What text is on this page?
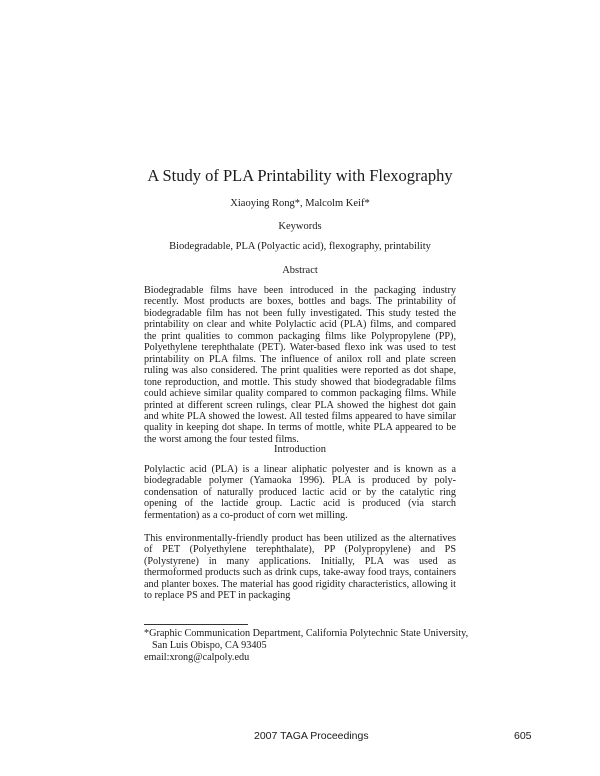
A Study of PLA Printability with Flexography
Xiaoying Rong*, Malcolm Keif*
Keywords
Biodegradable, PLA (Polyactic acid), flexography, printability
Abstract

Biodegradable films have been introduced in the packaging industry recently. Most products are boxes, bottles and bags. The printability of biodegradable film has not been fully investigated. This study tested the printability on clear and white Polylactic acid (PLA) films, and compared the print qualities to common packaging films like Polypropylene (PP), Polyethylene terephthalate (PET). Water-based flexo ink was used to test printability on PLA films. The influence of anilox roll and plate screen ruling was also considered. The print qualities were reported as dot shape, tone reproduction, and mottle. This study showed that biodegradable films could achieve similar quality compared to common packaging films. While printed at different screen rulings, clear PLA showed the highest dot gain and white PLA showed the lowest. All tested films appeared to have similar quality in keeping dot shape. In terms of mottle, white PLA appeared to be the worst among the four tested films.

Introduction

Polylactic acid (PLA) is a linear aliphatic polyester and is known as a biodegradable polymer (Yamaoka 1996). PLA is produced by poly-condensation of naturally produced lactic acid or by the catalytic ring opening of the lactide group. Lactic acid is produced (via starch fermentation) as a co-product of corn wet milling.

This environmentally-friendly product has been utilized as the alternatives of PET (Polyethylene terephthalate), PP (Polypropylene) and PS (Polystyrene) in many applications. Initially, PLA was used as thermoformed products such as drink cups, take-away food trays, containers and planter boxes. The material has good rigidity characteristics, allowing it to replace PS and PET in packaging

*Graphic Communication Department, California Polytechnic State University,
San Luis Obispo, CA 93405
email:xrong@calpoly.edu
2007 TAGA Proceedings	605
